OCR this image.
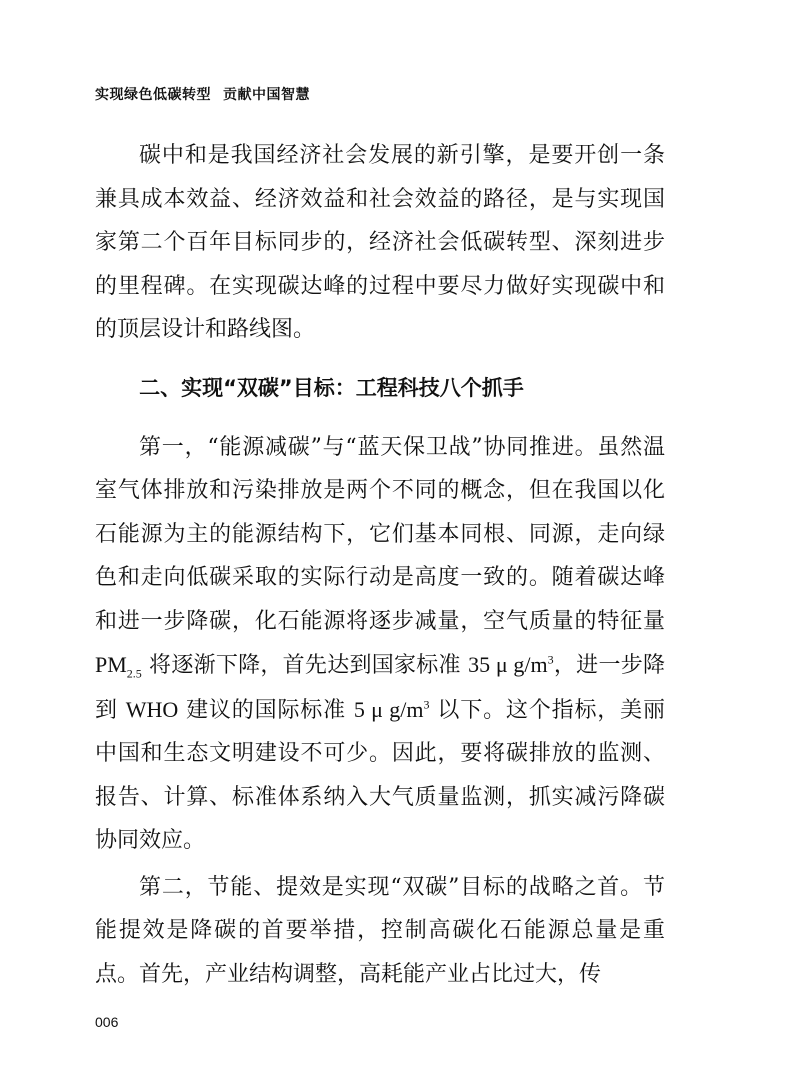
实现绿色低碳转型 贡献中国智慧

碳中和是我国经济社会发展的新引擎，是要开创一条兼具成本效益、经济效益和社会效益的路径，是与实现国家第二个百年目标同步的，经济社会低碳转型、深刻进步的里程碑。在实现碳达峰的过程中要尽力做好实现碳中和的顶层设计和路线图。

二、实现“双碳”目标：工程科技八个抓手

第一，“能源减碳”与“蓝天保卫战”协同推进。虽然温室气体排放和污染排放是两个不同的概念，但在我国以化石能源为主的能源结构下，它们基本同根、同源，走向绿色和走向低碳采取的实际行动是高度一致的。随着碳达峰和进一步降碳，化石能源将逐步减量，空气质量的特征量 $PM_{2.5}$ 将逐渐下降，首先达到国家标准 35 μ $g/m^3$，进一步降到 WHO 建议的国际标准 5 μ $g/m^3$ 以下。这个指标，美丽中国和生态文明建设不可少。因此，要将碳排放的监测、报告、计算、标准体系纳入大气质量监测，抓实减污降碳协同效应。

第二，节能、提效是实现“双碳”目标的战略之首。节能提效是降碳的首要举措，控制高碳化石能源总量是重点。首先，产业结构调整，高耗能产业占比过大，传

006
